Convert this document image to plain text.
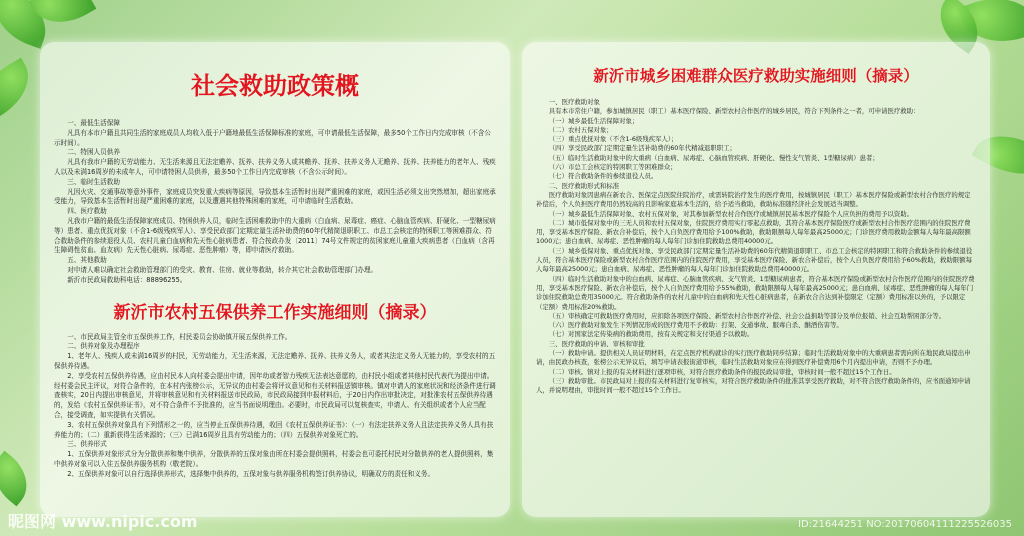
社会救助政策概

一、最低生活保障

凡具有本市户籍且共同生活的家庭成员人均收入低于户籍地最低生活保障标准的家庭，可申请最低生活保障，最多50个工作日内完成审核（不含公示时间）。

二、特困人员供养

凡具有我市户籍的无劳动能力、无生活来源且无法定赡养、抚养、扶养义务人或其赡养、抚养、扶养义务人无赡养、抚养、扶养能力的老年人、残疾人以及未满16周岁的未成年人，可申请特困人员供养，最多50个工作日内完成审核（不含公示时间）。

三、临时生活救助

凡因火灾、交通事故等意外事件，家庭成员突发重大疾病等原因，导致基本生活暂时出现严重困难的家庭，或因生活必须支出突然增加，超出家庭承受能力，导致基本生活暂时出现严重困难的家庭，以及遭遇其他特殊困难的家庭，可申请临时生活救助。

四、医疗救助

凡我市户籍的最低生活保障家庭成员、特困供养人员，临时生活困难救助中的大重病（白血病、尿毒症、癌症、心脑血管疾病、肝硬化、一型糖尿病等）患者、重点优抚对象（不含1-6级残疾军人）、享受民政部门定期定量生活补助费的60年代精简退职职工、市总工会核定的特困职工等困难群众、符合救助条件的参续退役人员、农村儿童白血病和先天性心脏病患者、符合按政办发〔2011〕74号文件规定的贫困家庭儿童重大疾病患者（白血病（含再生障碍性贫血、血友病）先天性心脏病、尿毒症、恶性肿瘤）等，即申请医疗救助。

五、其他救助

对申请人难以确定社会救助管理部门的受灾、教育、住房、就业等救助，转介其它社会救助管理部门办理。

新沂市民政局救助科电话：88896255。

新沂市农村五保供养工作实施细则（摘录）

一、市民政局主管全市五保供养工作，村民委员会协助镇开展五保供养工作。

二、供养对象及办理程序

1、老年人、残疾人或未满16周岁的村民，无劳动能力，无生活来源，无法定赡养、抚养、扶养义务人，或者其法定义务人无能力的，享受农村的五保供养待遇。

2、享受农村五保供养待遇，应由村民本人向村委会提出申请，因年幼或者智力残疾无法表达意愿的，由村民小组或者其他村民代表代为提出申请。经村委会民主评议，对符合条件的，在本村内张榜公示，无异议的由村委会将评议意见和有关材料报送镇审核。镇对申请人的家庭状况和经济条件进行调查核实，20日内提出审核意见，并将审核意见和有关材料报送市民政局，市民政局接到申报材料后，于20日内作出审批决定，对批准农村五保供养待遇的，发给《农村五保供养证书》，对不符合条件不予批准的，应当书面说明理由。必要时，市民政局可以复核查实，申请人、有关组织或者个人应当配合，接受调查，如实提供有关情况。

3、农村五保供养对象具有下列情形之一的，应当停止五保供养待遇，收回《农村五保供养证书》：（一）有法定扶养义务人且法定扶养义务人具有扶养能力的；（二）重新获得生活来源的；（三）已满16周岁且具有劳动能力的；（四）五保供养对象死亡的。

三、供养形式

1、五保供养对象形式分为分散供养和集中供养，分散供养的五保对象由所在村委会提供照料，村委会也可委托村民对分散供养的老人提供照料，集中供养对象可以入住五保供养服务机构（敬老院）。

2、五保供养对象可以自行选择供养形式，选择集中供养的，五保对象与供养服务机构签订供养协议，明确双方的责任和义务。

新沂市城乡困难群众医疗救助实施细则（摘录）

一、医疗救助对象

具有本市常住户籍，参加城镇居民（职工）基本医疗保险、新型农村合作医疗的城乡居民，符合下列条件之一者，可申请医疗救助：

（一）城乡最低生活保障对象；

（二）农村五保对象；

（三）重点优抚对象（不含1-6级残疾军人）；

（四）享受民政部门定期定量生活补助费的60年代精减退职职工；

（五）临时生活救助对象中的大重病（白血病、尿毒症、心脑血管疾病、肝硬化、慢性支气管炎、1型糖尿病）患者；

（六）市总工会核定的特困职工等困难群众；

（七）符合救助条件的参续退役人员。

二、医疗救助形式和标准

医疗救助对象因患病在新农合、医保定点医院住院治疗，或需转院治疗发生的医疗费用，按城镇居民（职工）基本医疗保险或新型农村合作医疗的规定补偿后，个人负担医疗费用仍然较高的且影响家庭基本生活的，给予适当救助，救助标准随经济社会发展适当调整。

（一）城乡最低生活保障对象、农村五保对象，对其参加新型农村合作医疗或城镇居民基本医疗保险个人应负担的费用予以资助。

（二）城市低保对象中的三无人员和农村五保对象，住院医疗费用实行零起点救助，其符合基本医疗保险医疗或新型农村合作医疗范围内的住院医疗费用，享受基本医疗保险、新农合补偿后，按个人自负医疗费用给予100%救助，救助限额每人每年最高25000元；门诊医疗费用救助金额每人每年最高限额1000元；患白血病、尿毒症、恶性肿瘤的每人每年门诊加住院救助总费用40000元。

（三）城乡低保对象、重点优抚对象、享受民政部门定期定量生活补助费的60年代精简退职职工、市总工会核定的特困职工和符合救助条件的参续退役人员，符合基本医疗保险或新型农村合作医疗范围内的住院医疗费用，享受基本医疗保险、新农合补偿后，按个人自负医疗费用给予60%救助，救助限额每人每年最高25000元；患白血病、尿毒症、恶性肿瘤的每人每年门诊加住院救助总费用40000元。

（四）临时生活救助对象中的白血病、尿毒症、心脑血管疾病、支气管炎、1型糖尿病患者，符合基本医疗保险或新型农村合作医疗范围内的住院医疗费用，享受基本医疗保险、新农合补偿后，按个人自负医疗费用给予55%救助，救助限额每人每年最高25000元；患白血病、尿毒症、恶性肿瘤的每人每年门诊加住院救助总费用35000元。符合救助条件的农村儿童中的白血病和先天性心脏病患者，在新农合合达到补偿限定（定额）费用标准以外的，予以限定（定额）费用标准20%救助。

（五）审核确定可救助医疗费用时，应扣除各项医疗保险、新型农村合作医疗补偿、社会公益捐助等部分及单位报销、社会互助帮困部分等。

（六）医疗救助对象发生下列情况形成的医疗费用不予救助：打架、交通事故、服毒自杀、酗酒伤害等。

（七）对国家法定传染病的救助费用，按有关规定和支付渠道予以救助。

三、医疗救助的申请、审核和审批

（一）救助申请。提供相关人员证明材料，在定点医疗机构就诊的实行医疗救助同步结算；临时生活救助对象中的大重病患者需向所在地民政局提出申请，由民政办核查，张榜公示无异议后，填写申请表报街道审核，临时生活救助对象应在得到医疗补偿费用6个月内提出申请，否则不予办理。

（二）审核。镇对上报的有关材料进行逐项审核，对符合医疗救助条件的报民政局审批，审核时间一般不超过15个工作日。

（三）救助审批。市民政局对上报的有关材料进行复审核实，对符合医疗救助条件的批准其享受医疗救助，对不符合医疗救助条件的，应书面通知申请人，并说明理由，审批时间一般不超过15个工作日。

昵图网 www.nipic.com	ID:21644251 NO:20170604111225526035
